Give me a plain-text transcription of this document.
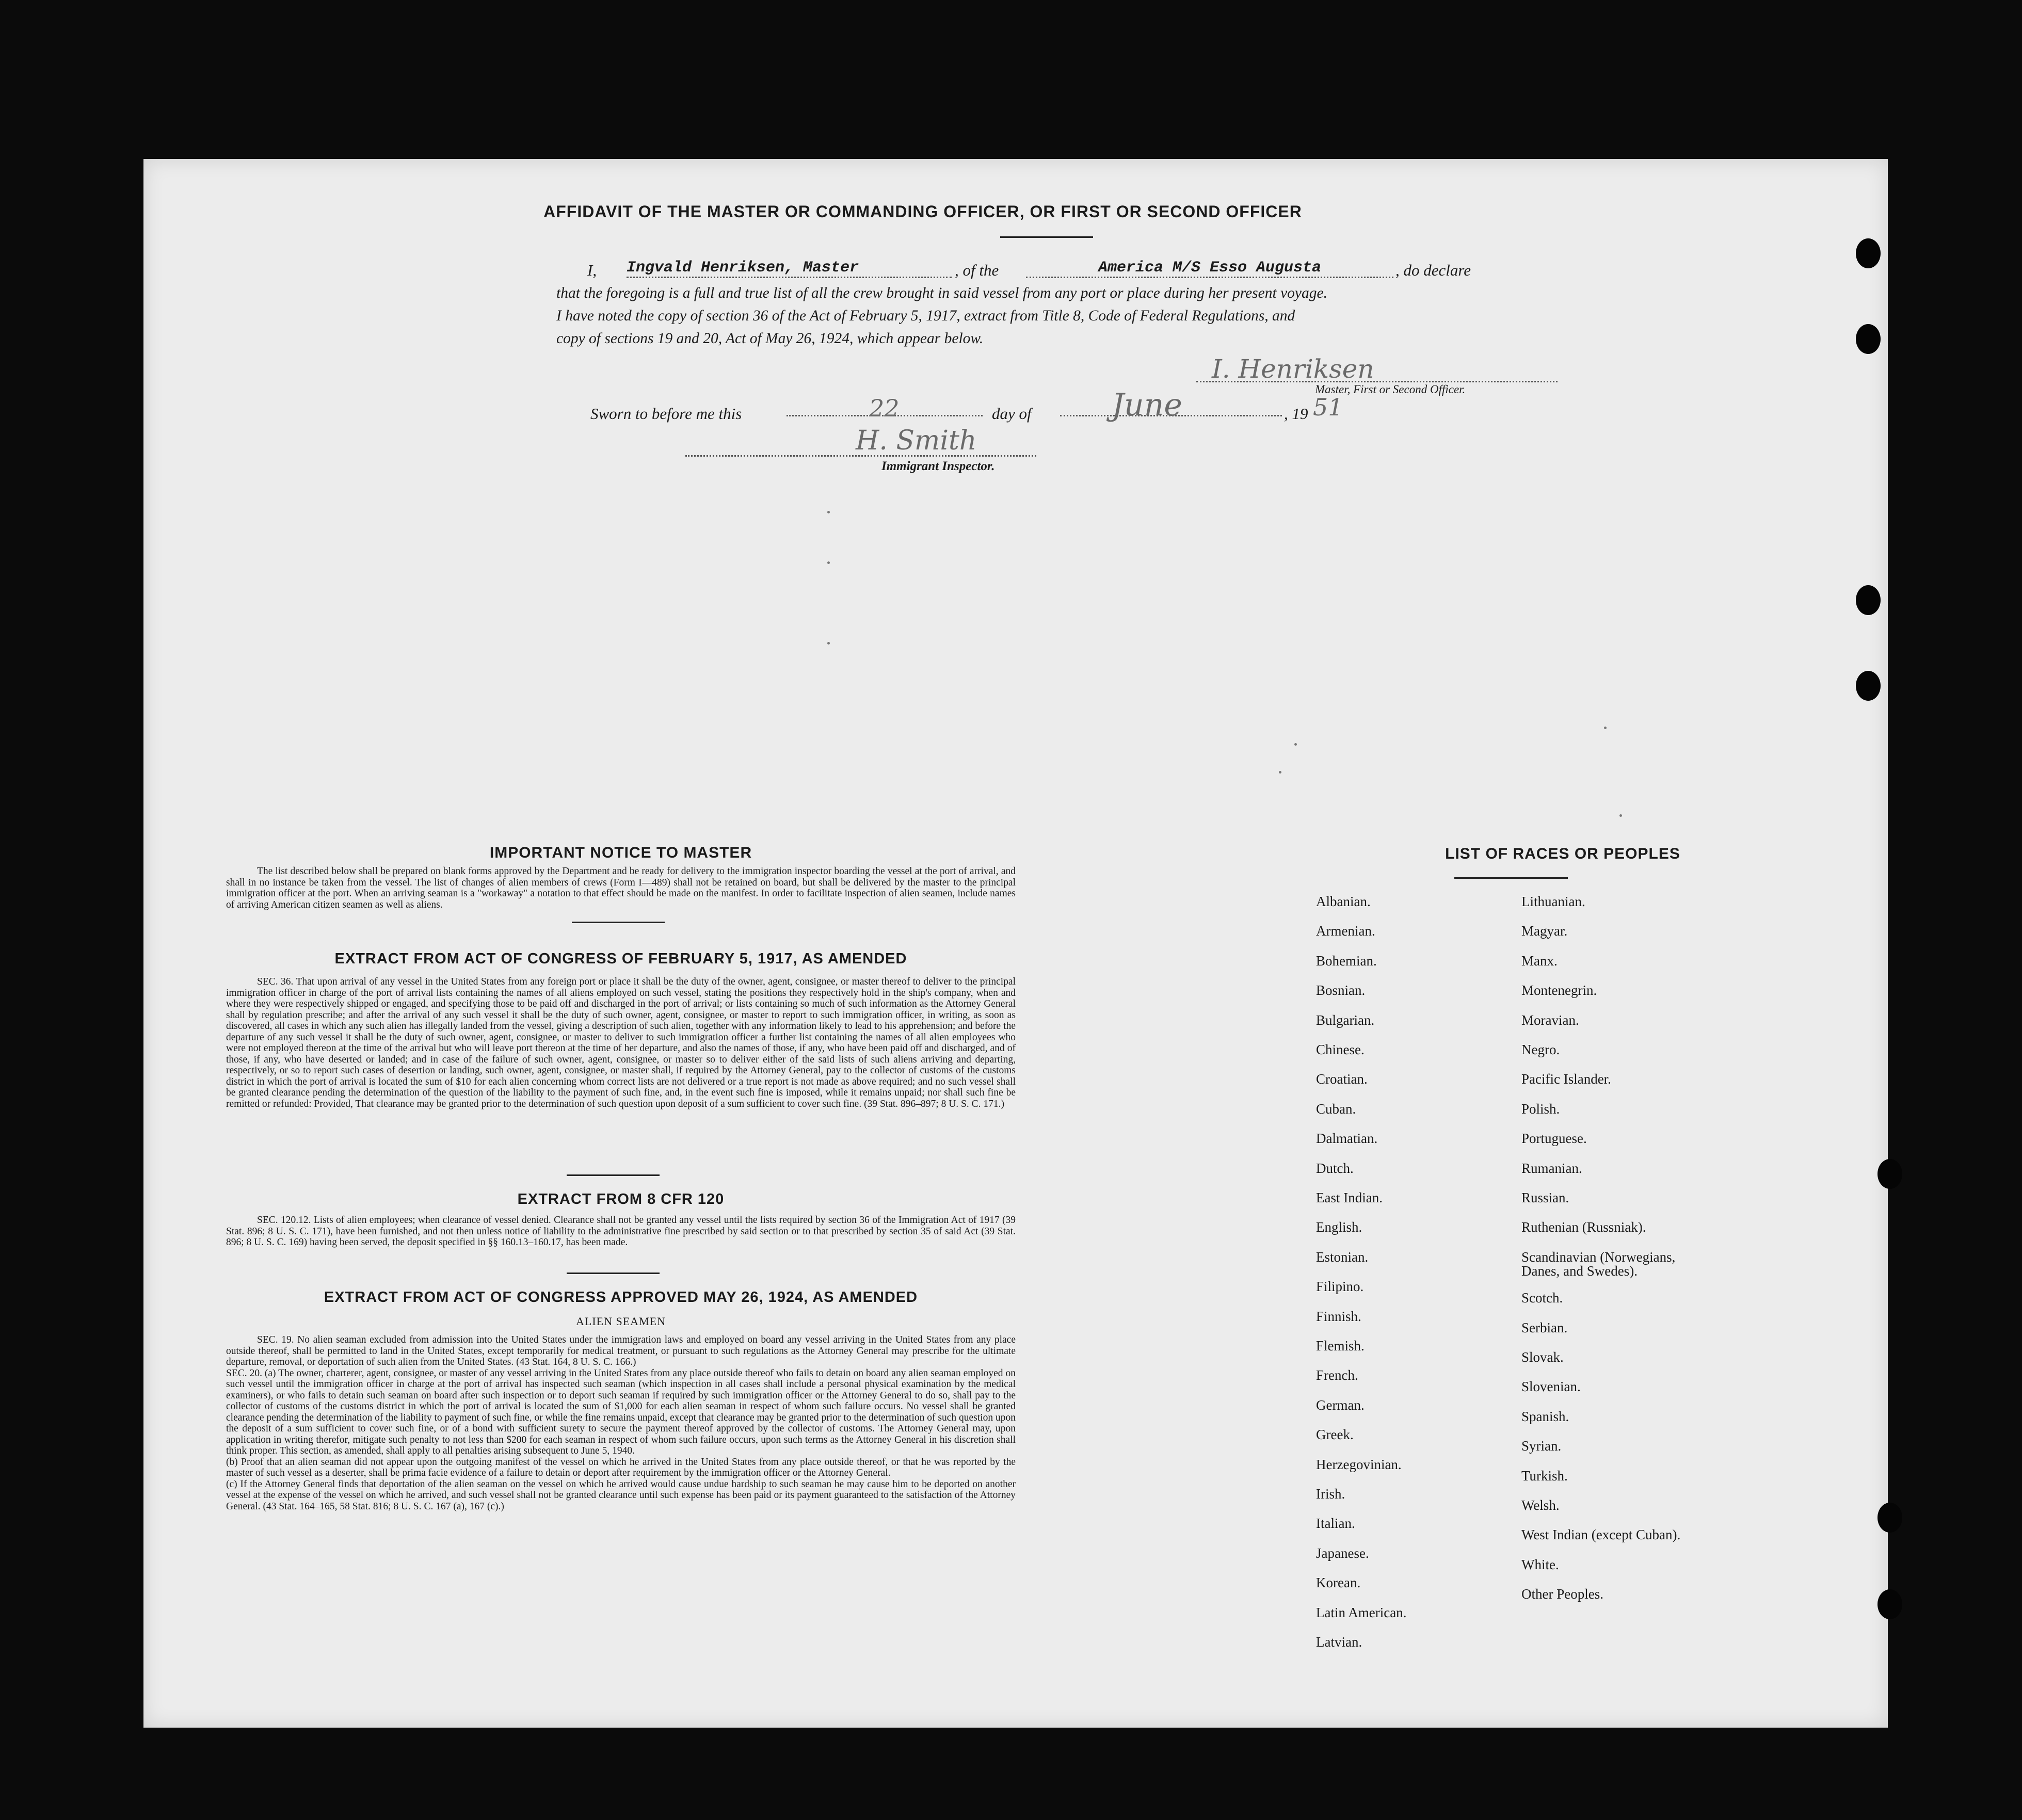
AFFIDAVIT OF THE MASTER OR COMMANDING OFFICER, OR FIRST OR SECOND OFFICER
I, Ingvald Henriksen, Master	, of the	America M/S Esso Augusta	, do declare
that the foregoing is a full and true list of all the crew brought in said vessel from any port or place during her present voyage.
I have noted the copy of section 36 of the Act of February 5, 1917, extract from Title 8, Code of Federal Regulations, and
copy of sections 19 and 20, Act of May 26, 1924, which appear below.
I. Henriksen
Master, First or Second Officer.
Sworn to before me this	22	day of	June	, 19 51
H. Smith
Immigrant Inspector.
IMPORTANT NOTICE TO MASTER
The list described below shall be prepared on blank forms approved by the Department and be ready for delivery to the immigration inspector boarding the vessel at the port of arrival, and shall in no instance be taken from the vessel. The list of changes of alien members of crews (Form I—489) shall not be retained on board, but shall be delivered by the master to the principal immigration officer at the port. When an arriving seaman is a "workaway" a notation to that effect should be made on the manifest. In order to facilitate inspection of alien seamen, include names of arriving American citizen seamen as well as aliens.
EXTRACT FROM ACT OF CONGRESS OF FEBRUARY 5, 1917, AS AMENDED
SEC. 36. That upon arrival of any vessel in the United States from any foreign port or place it shall be the duty of the owner, agent, consignee, or master thereof to deliver to the principal immigration officer in charge of the port of arrival lists containing the names of all aliens employed on such vessel, stating the positions they respectively hold in the ship's company, when and where they were respectively shipped or engaged, and specifying those to be paid off and discharged in the port of arrival; or lists containing so much of such information as the Attorney General shall by regulation prescribe; and after the arrival of any such vessel it shall be the duty of such owner, agent, consignee, or master to report to such immigration officer, in writing, as soon as discovered, all cases in which any such alien has illegally landed from the vessel, giving a description of such alien, together with any information likely to lead to his apprehension; and before the departure of any such vessel it shall be the duty of such owner, agent, consignee, or master to deliver to such immigration officer a further list containing the names of all alien employees who were not employed thereon at the time of the arrival but who will leave port thereon at the time of her departure, and also the names of those, if any, who have been paid off and discharged, and of those, if any, who have deserted or landed; and in case of the failure of such owner, agent, consignee, or master so to deliver either of the said lists of such aliens arriving and departing, respectively, or so to report such cases of desertion or landing, such owner, agent, consignee, or master shall, if required by the Attorney General, pay to the collector of customs of the customs district in which the port of arrival is located the sum of $10 for each alien concerning whom correct lists are not delivered or a true report is not made as above required; and no such vessel shall be granted clearance pending the determination of the question of the liability to the payment of such fine, and, in the event such fine is imposed, while it remains unpaid; nor shall such fine be remitted or refunded: Provided, That clearance may be granted prior to the determination of such question upon deposit of a sum sufficient to cover such fine. (39 Stat. 896–897; 8 U. S. C. 171.)
EXTRACT FROM 8 CFR 120
SEC. 120.12. Lists of alien employees; when clearance of vessel denied. Clearance shall not be granted any vessel until the lists required by section 36 of the Immigration Act of 1917 (39 Stat. 896; 8 U. S. C. 171), have been furnished, and not then unless notice of liability to the administrative fine prescribed by said section or to that prescribed by section 35 of said Act (39 Stat. 896; 8 U. S. C. 169) having been served, the deposit specified in §§ 160.13–160.17, has been made.
EXTRACT FROM ACT OF CONGRESS APPROVED MAY 26, 1924, AS AMENDED
ALIEN SEAMEN
SEC. 19. No alien seaman excluded from admission into the United States under the immigration laws and employed on board any vessel arriving in the United States from any place outside thereof, shall be permitted to land in the United States, except temporarily for medical treatment, or pursuant to such regulations as the Attorney General may prescribe for the ultimate departure, removal, or deportation of such alien from the United States. (43 Stat. 164, 8 U. S. C. 166.)
SEC. 20. (a) The owner, charterer, agent, consignee, or master of any vessel arriving in the United States from any place outside thereof who fails to detain on board any alien seaman employed on such vessel until the immigration officer in charge at the port of arrival has inspected such seaman (which inspection in all cases shall include a personal physical examination by the medical examiners), or who fails to detain such seaman on board after such inspection or to deport such seaman if required by such immigration officer or the Attorney General to do so, shall pay to the collector of customs of the customs district in which the port of arrival is located the sum of $1,000 for each alien seaman in respect of whom such failure occurs. No vessel shall be granted clearance pending the determination of the liability to payment of such fine, or while the fine remains unpaid, except that clearance may be granted prior to the determination of such question upon the deposit of a sum sufficient to cover such fine, or of a bond with sufficient surety to secure the payment thereof approved by the collector of customs. The Attorney General may, upon application in writing therefor, mitigate such penalty to not less than $200 for each seaman in respect of whom such failure occurs, upon such terms as the Attorney General in his discretion shall think proper. This section, as amended, shall apply to all penalties arising subsequent to June 5, 1940.
(b) Proof that an alien seaman did not appear upon the outgoing manifest of the vessel on which he arrived in the United States from any place outside thereof, or that he was reported by the master of such vessel as a deserter, shall be prima facie evidence of a failure to detain or deport after requirement by the immigration officer or the Attorney General.
(c) If the Attorney General finds that deportation of the alien seaman on the vessel on which he arrived would cause undue hardship to such seaman he may cause him to be deported on another vessel at the expense of the vessel on which he arrived, and such vessel shall not be granted clearance until such expense has been paid or its payment guaranteed to the satisfaction of the Attorney General. (43 Stat. 164–165, 58 Stat. 816; 8 U. S. C. 167 (a), 167 (c).)
LIST OF RACES OR PEOPLES
Albanian.
Armenian.
Bohemian.
Bosnian.
Bulgarian.
Chinese.
Croatian.
Cuban.
Dalmatian.
Dutch.
East Indian.
English.
Estonian.
Filipino.
Finnish.
Flemish.
French.
German.
Greek.
Herzegovinian.
Irish.
Italian.
Japanese.
Korean.
Latin American.
Latvian.
Lithuanian.
Magyar.
Manx.
Montenegrin.
Moravian.
Negro.
Pacific Islander.
Polish.
Portuguese.
Rumanian.
Russian.
Ruthenian (Russniak).
Scandinavian (Norwegians,
Danes, and Swedes).
Scotch.
Serbian.
Slovak.
Slovenian.
Spanish.
Syrian.
Turkish.
Welsh.
West Indian (except Cuban).
White.
Other Peoples.
